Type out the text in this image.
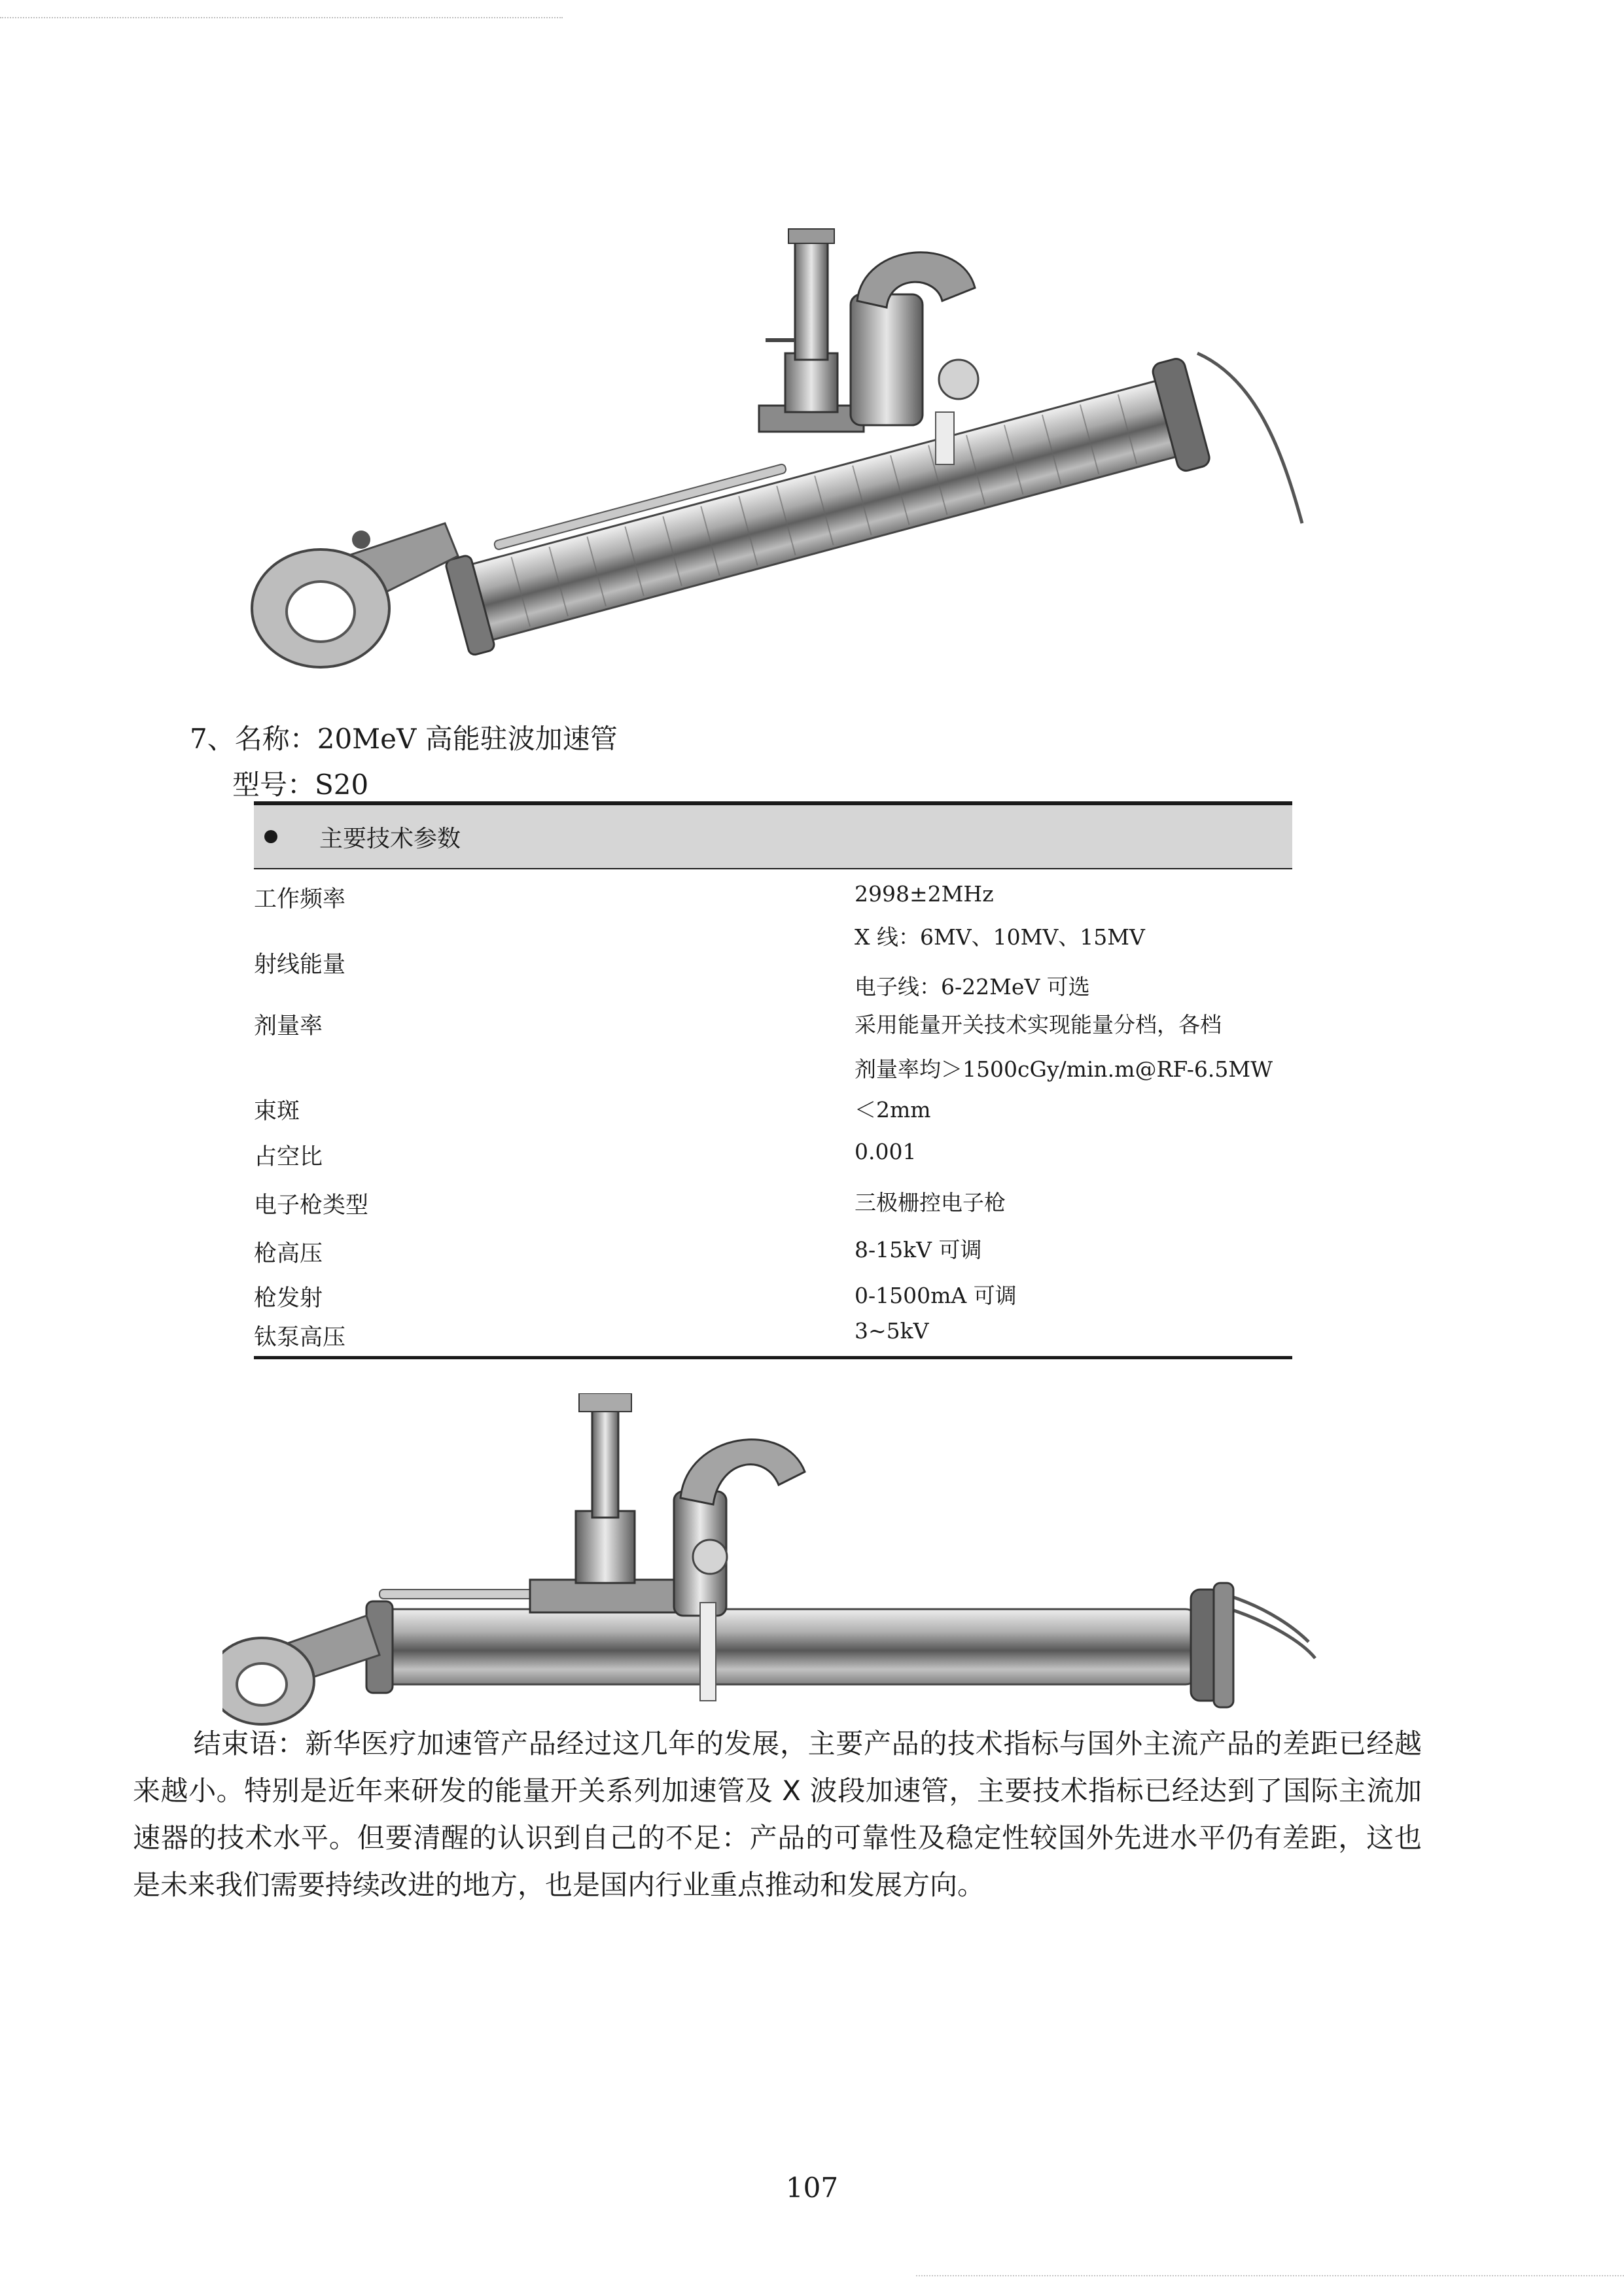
7、名称：20MeV 高能驻波加速管
型号：S20
主要技术参数
工作频率	2998±2MHz
射线能量
X 线：6MV、10MV、15MV
电子线：6-22MeV 可选
剂量率	采用能量开关技术实现能量分档，各档
剂量率均＞1500cGy/min.m@RF-6.5MW
束斑	＜2mm
占空比	0.001
电子枪类型	三极栅控电子枪
枪高压	8-15kV 可调
枪发射	0-1500mA 可调
钛泵高压	3~5kV
结束语：新华医疗加速管产品经过这几年的发展，主要产品的技术指标与国外主流产品的差距已经越来越小。特别是近年来研发的能量开关系列加速管及 X 波段加速管，主要技术指标已经达到了国际主流加速器的技术水平。但要清醒的认识到自己的不足：产品的可靠性及稳定性较国外先进水平仍有差距，这也是未来我们需要持续改进的地方，也是国内行业重点推动和发展方向。
107
